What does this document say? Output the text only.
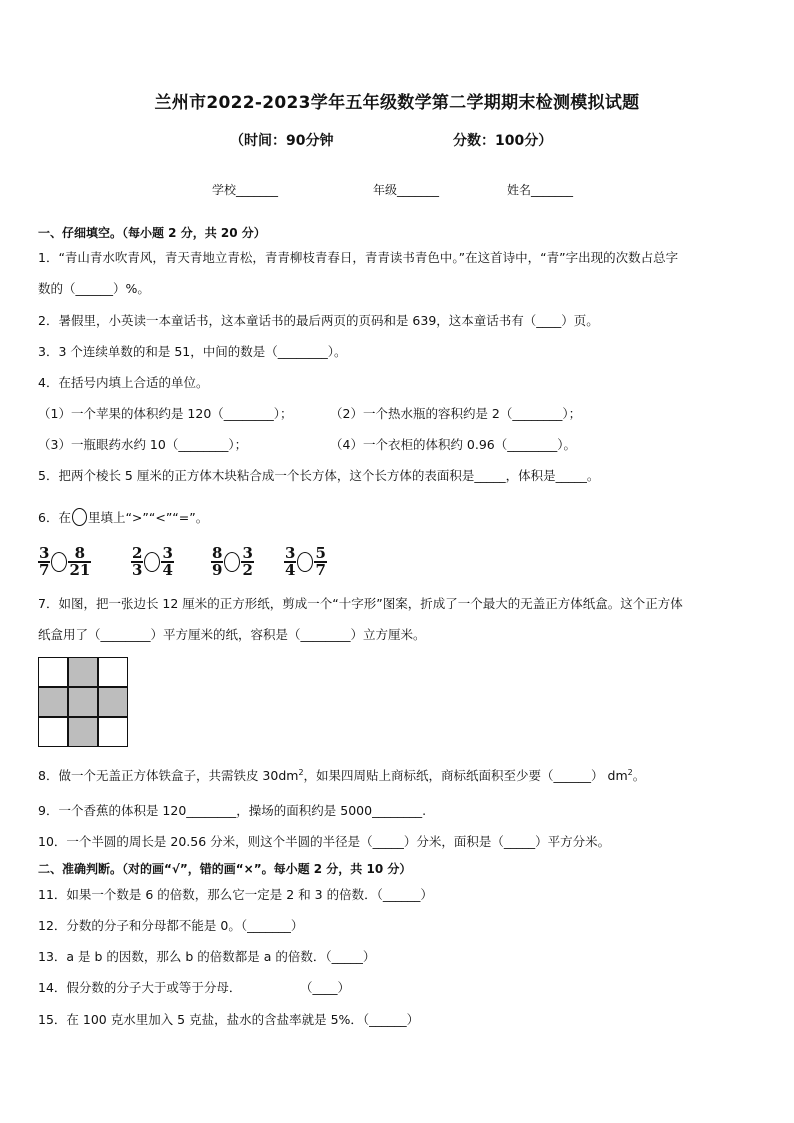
兰州市2022-2023学年五年级数学第二学期期末检测模拟试题
（时间：90分钟	分数：100分）
学校_______	年级_______	姓名_______
一、仔细填空。（每小题 2 分，共 20 分）
1．“青山青水吹青风，青天青地立青松，青青柳枝青春日，青青读书青色中。”在这首诗中，“青”字出现的次数占总字
数的（______）%。
2．暑假里，小英读一本童话书，这本童话书的最后两页的页码和是 639，这本童话书有（____）页。
3．3 个连续单数的和是 51，中间的数是（________）。
4．在括号内填上合适的单位。
（1）一个苹果的体积约是 120（________）；	（2）一个热水瓶的容积约是 2（________）；
（3）一瓶眼药水约 10（________）；	（4）一个衣柜的体积约 0.96（________）。
5．把两个棱长 5 厘米的正方体木块粘合成一个长方体，这个长方体的表面积是_____，体积是_____。
6．在 里填上“>”“<”“=”。
$\frac{3}{7} \frac{8}{21}$	$\frac{2}{3} \frac{3}{4} \frac{8}{9} \frac{3}{2} \frac{3}{4} \frac{5}{7}$
7．如图，把一张边长 12 厘米的正方形纸，剪成一个“十字形”图案，折成了一个最大的无盖正方体纸盒。这个正方体
纸盒用了（________）平方厘米的纸，容积是（________）立方厘米。
8．做一个无盖正方体铁盒子，共需铁皮 $30dm^2$，如果四周贴上商标纸，商标纸面积至少要（______） $dm^2$。
9．一个香蕉的体积是 120________，操场的面积约是 5000________.
10．一个半圆的周长是 20.56 分米，则这个半圆的半径是（_____）分米，面积是（_____）平方分米。
二、准确判断。（对的画“√”，错的画“×”。每小题 2 分，共 10 分）
11．如果一个数是 6 的倍数，那么它一定是 2 和 3 的倍数．（______）
12．分数的分子和分母都不能是 0。（_______）
13．a 是 b 的因数，那么 b 的倍数都是 a 的倍数．（_____）
14．假分数的分子大于或等于分母．	（____）
15．在 100 克水里加入 5 克盐，盐水的含盐率就是 5%．（______）
